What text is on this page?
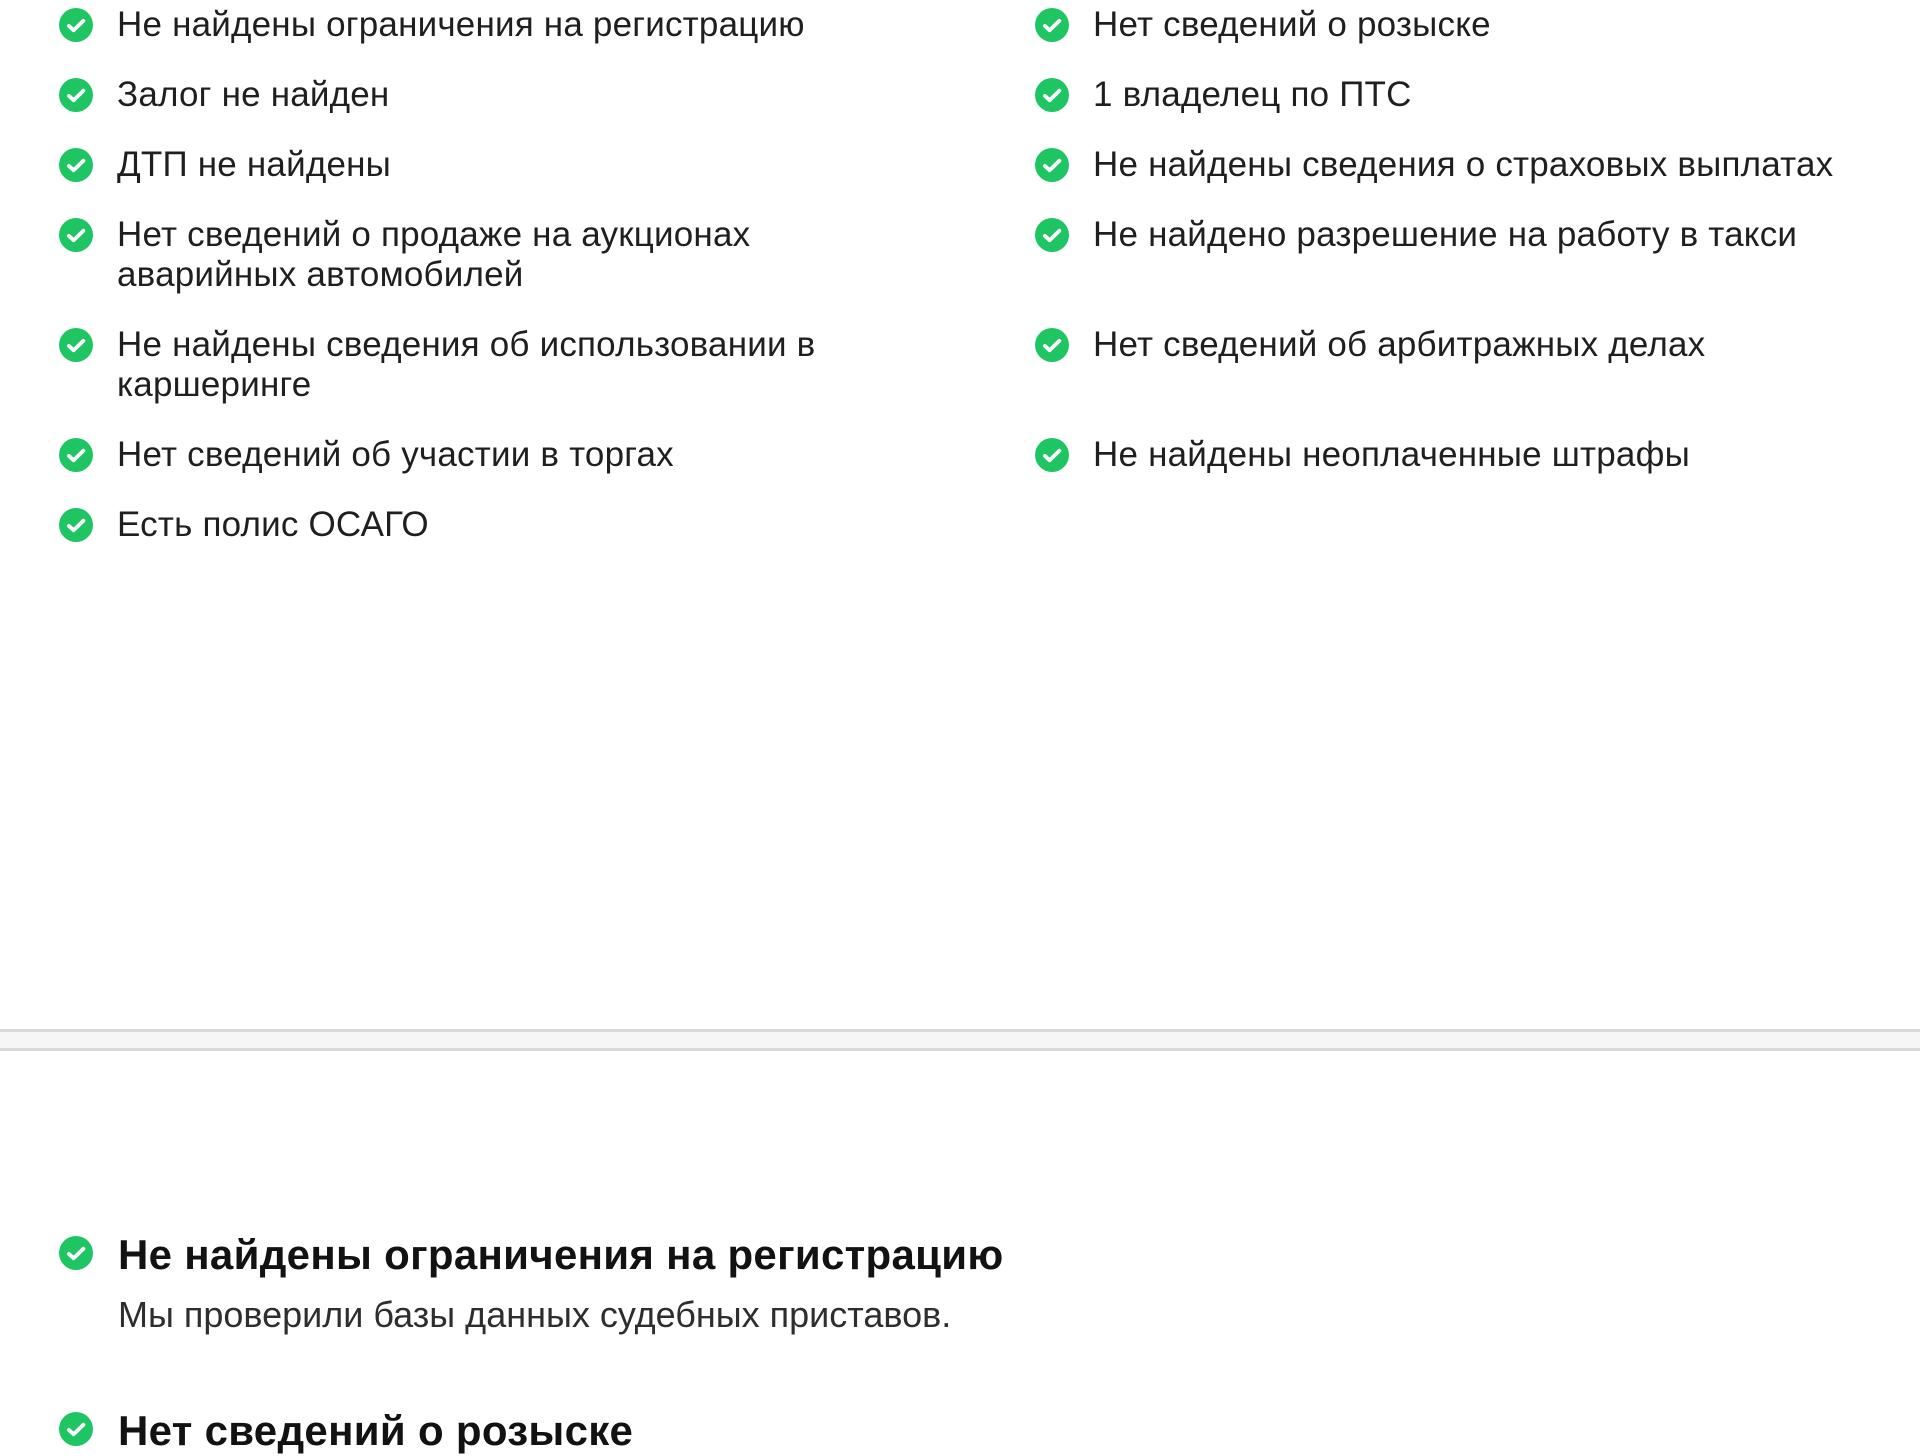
Не найдены ограничения на регистрацию	Нет сведений о розыске
Залог не найден	1 владелец по ПТС
ДТП не найдены	Не найдены сведения о страховых выплатах
Нет сведений о продаже на аукционах аварийных автомобилей
Не найдено разрешение на работу в такси
Не найдены сведения об использовании в каршеринге
Нет сведений об арбитражных делах
Нет сведений об участии в торгах	Не найдены неоплаченные штрафы
Есть полис ОСАГО
Не найдены ограничения на регистрацию
Мы проверили базы данных судебных приставов.
Нет сведений о розыске
